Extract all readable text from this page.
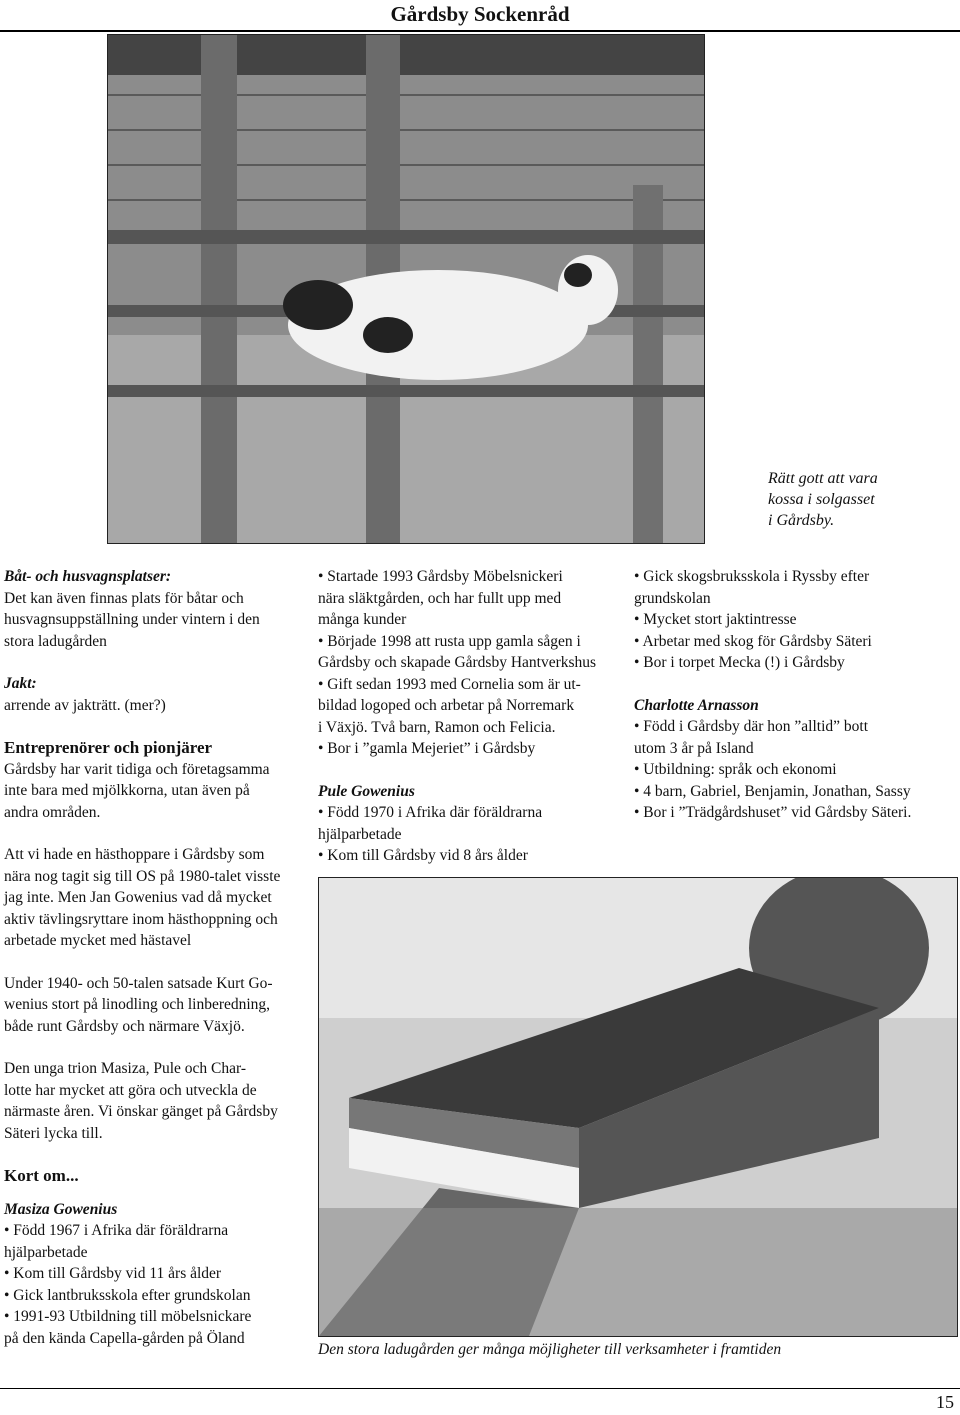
Gårdsby Sockenråd
Rätt gott att vara
kossa i solgasset
i Gårdsby.

Båt- och husvagnsplatser:

Det kan även finnas plats för båtar och

husvagnsuppställning under vintern i den

stora ladugården

Jakt:

arrende av jakträtt. (mer?)

Entreprenörer och pionjärer

Gårdsby har varit tidiga och företagsamma

inte bara med mjölkkorna, utan även på

andra områden.

Att vi hade en hästhoppare i Gårdsby som

nära nog tagit sig till OS på 1980-talet visste

jag inte. Men Jan Gowenius vad då mycket

aktiv tävlingsryttare inom hästhoppning och

arbetade mycket med hästavel

Under 1940- och 50-talen satsade Kurt Go-

wenius stort på linodling och linberedning,

både runt Gårdsby och närmare Växjö.

Den unga trion Masiza, Pule och Char-

lotte har mycket att göra och utveckla de

närmaste åren. Vi önskar gänget på Gårdsby

Säteri lycka till.

Kort om...

Masiza Gowenius

• Född 1967 i Afrika där föräldrarna

hjälparbetade

• Kom till Gårdsby vid 11 års ålder

• Gick lantbruksskola efter grundskolan

• 1991-93 Utbildning till möbelsnickare

på den kända Capella-gården på Öland

• Startade 1993 Gårdsby Möbelsnickeri

nära släktgården, och har fullt upp med

många kunder

• Började 1998 att rusta upp gamla sågen i

Gårdsby och skapade Gårdsby Hantverkshus

• Gift sedan 1993 med Cornelia som är ut-

bildad logoped och arbetar på Norremark

i Växjö. Två barn, Ramon och Felicia.

• Bor i ”gamla Mejeriet” i Gårdsby

Pule Gowenius

• Född 1970 i Afrika där föräldrarna

hjälparbetade

• Kom till Gårdsby vid 8 års ålder

• Gick skogsbruksskola i Ryssby efter

grundskolan

• Mycket stort jaktintresse

• Arbetar med skog för Gårdsby Säteri

• Bor i torpet Mecka (!) i Gårdsby

Charlotte Arnasson

• Född i Gårdsby där hon ”alltid” bott

utom 3 år på Island

• Utbildning: språk och ekonomi

• 4 barn, Gabriel, Benjamin, Jonathan, Sassy

• Bor i ”Trädgårdshuset” vid Gårdsby Säteri.

Den stora ladugården ger många möjligheter till verksamheter i framtiden
15
